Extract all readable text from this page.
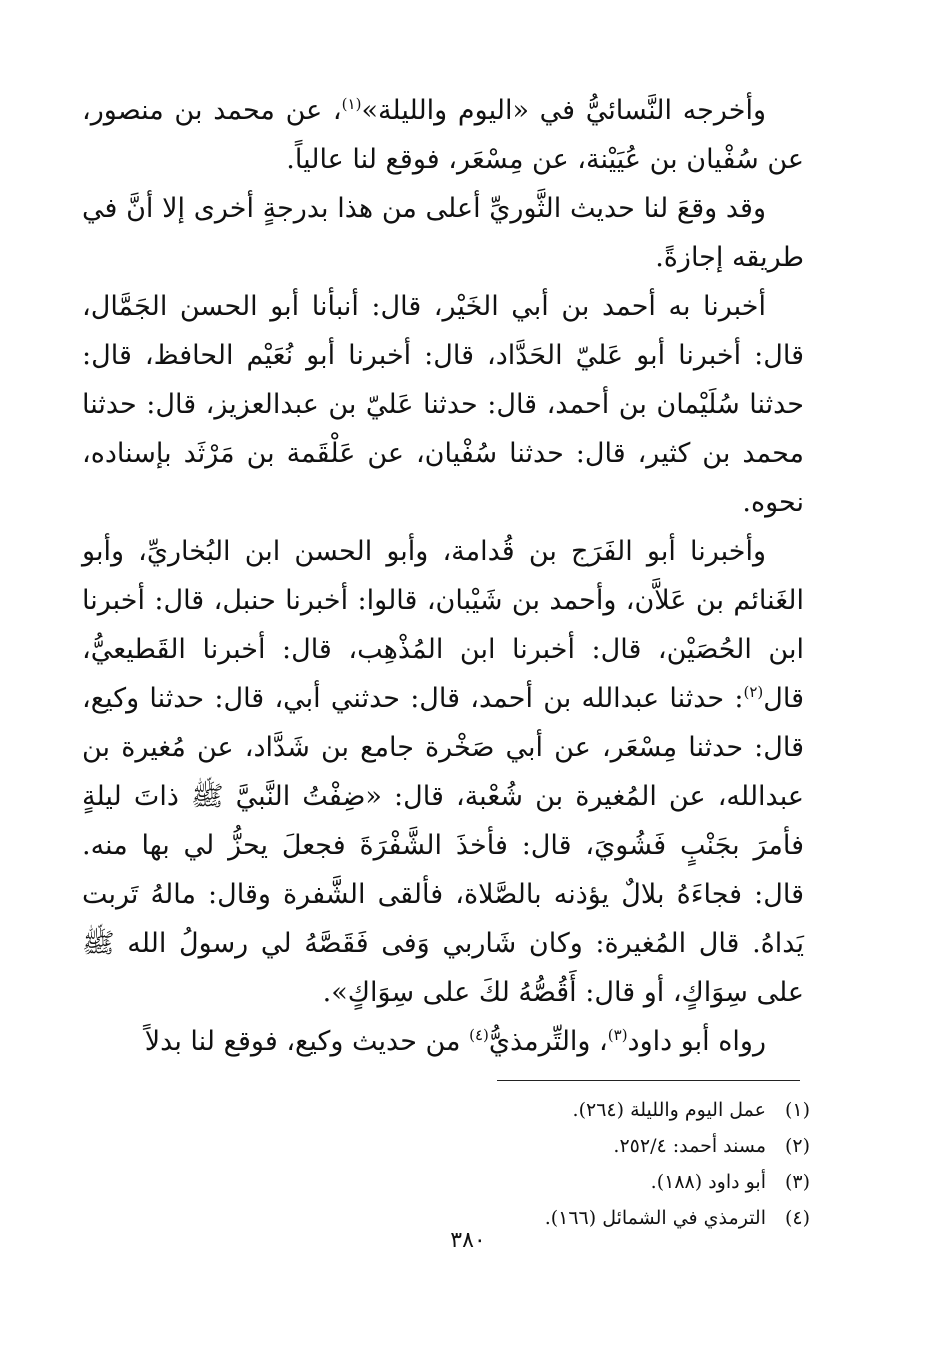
وأخرجه النَّسائيُّ في «اليوم والليلة»$^{(١)}$، عن محمد بن منصور، عن سُفْيان بن عُيَيْنة، عن مِسْعَر، فوقع لنا عالياً.

وقد وقعَ لنا حديث الثَّوريِّ أعلى من هذا بدرجةٍ أخرى إلا أنَّ في طريقه إجازةً.

أخبرنا به أحمد بن أبي الخَيْر، قال: أنبأنا أبو الحسن الجَمَّال، قال: أخبرنا أبو عَليّ الحَدَّاد، قال: أخبرنا أبو نُعَيْم الحافظ، قال: حدثنا سُلَيْمان بن أحمد، قال: حدثنا عَليّ بن عبدالعزيز، قال: حدثنا محمد بن كثير، قال: حدثنا سُفْيان، عن عَلْقَمة بن مَرْثَد بإسناده، نحوه.

وأخبرنا أبو الفَرَج بن قُدامة، وأبو الحسن ابن البُخاريِّ، وأبو الغَنائم بن عَلاَّن، وأحمد بن شَيْبان، قالوا: أخبرنا حنبل، قال: أخبرنا ابن الحُصَيْن، قال: أخبرنا ابن المُذْهِب، قال: أخبرنا القَطيعيُّ، قال$^{(٢)}$: حدثنا عبدالله بن أحمد، قال: حدثني أبي، قال: حدثنا وكيع، قال: حدثنا مِسْعَر، عن أبي صَخْرة جامع بن شَدَّاد، عن مُغيرة بن عبدالله، عن المُغيرة بن شُعْبة، قال: «ضِفْتُ النَّبيَّ ﷺ ذاتَ ليلةٍ فأمرَ بجَنْبٍ فَشُويَ، قال: فأخذَ الشَّفْرَةَ فجعلَ يحزُّ لي بها منه. قال: فجاءَهُ بلالٌ يؤذنه بالصَّلاة، فألقى الشَّفرة وقال: مالهُ تَربت يَداهُ. قال المُغيرة: وكان شَاربي وَفى فَقَصَّهُ لي رسولُ الله ﷺ على سِوَاكٍ، أو قال: أَقُصُّهُ لكَ على سِوَاكٍ».

رواه أبو داود$^{(٣)}$، والتِّرمذيُّ$^{(٤)}$ من حديث وكيع، فوقع لنا بدلاً

(١)
عمل اليوم والليلة (٢٦٤).
(٢)
مسند أحمد: ٢٥٢/٤.
(٣)
أبو داود (١٨٨).
(٤)
الترمذي في الشمائل (١٦٦).
٣٨٠
